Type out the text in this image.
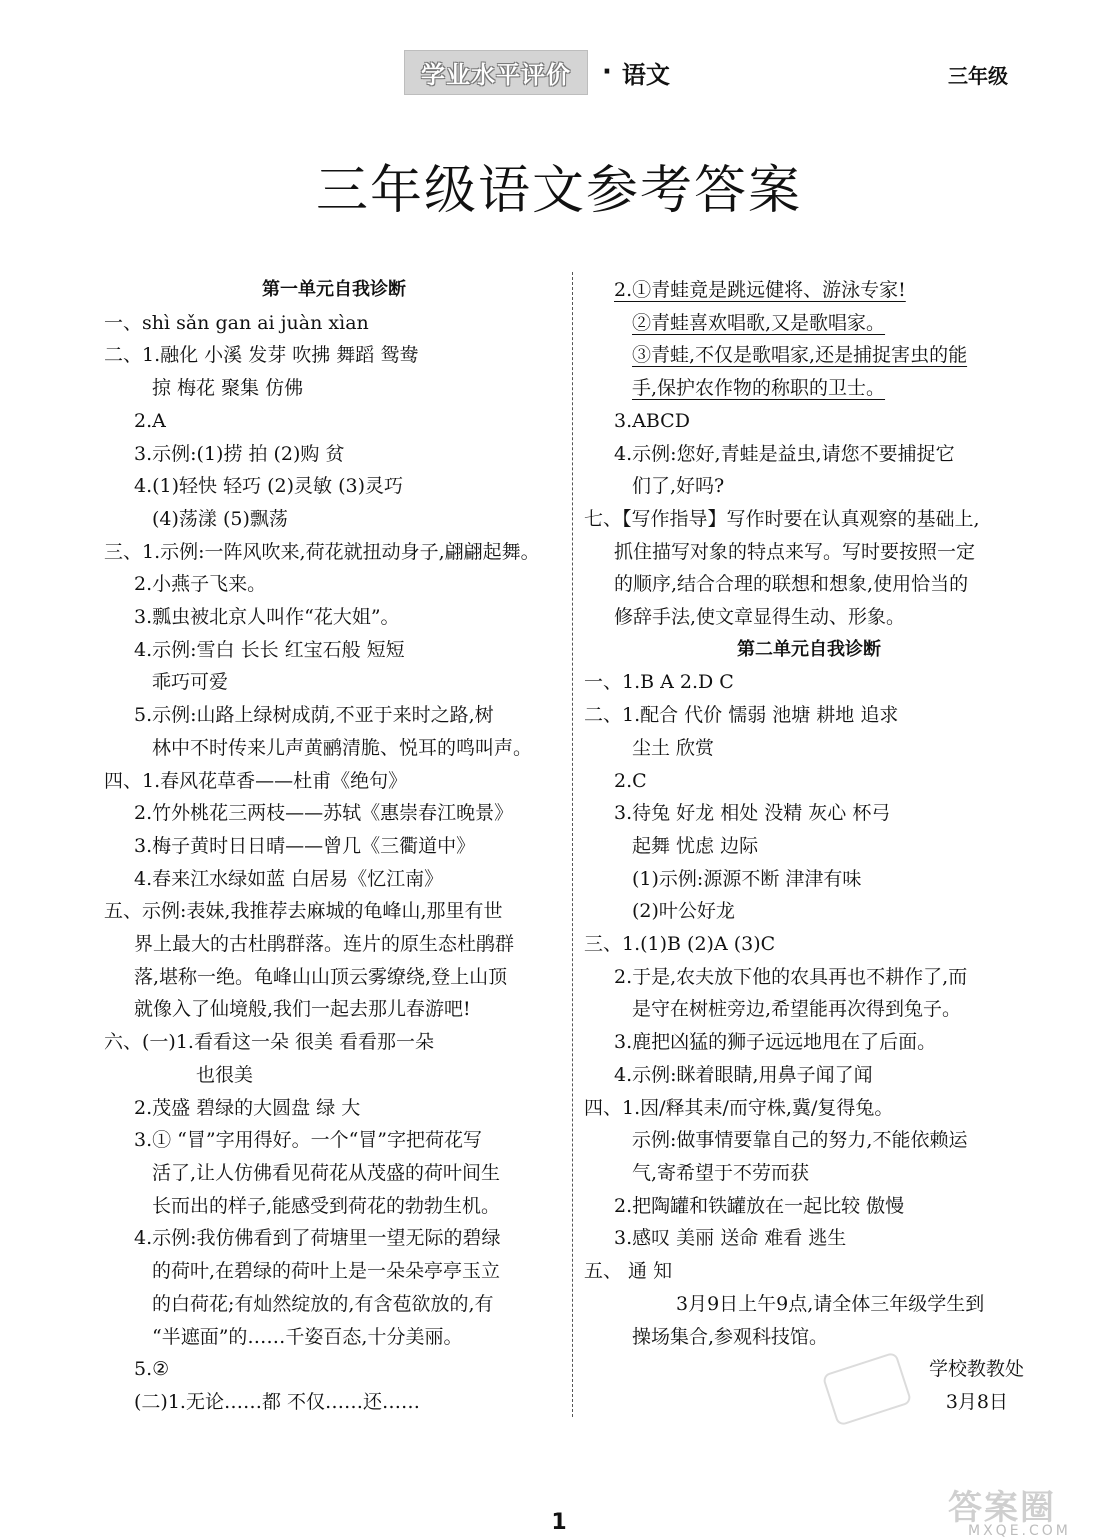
学业水平评价	· 语文	三年级
三年级语文参考答案
第一单元自我诊断
一、shì sǎn gan ai juàn xìan
二、1.融化 小溪 发芽 吹拂 舞蹈 鸳鸯
掠 梅花 聚集 仿佛
2.A
3.示例:(1)捞 拍 (2)购 贫
4.(1)轻快 轻巧 (2)灵敏 (3)灵巧
(4)荡漾 (5)飘荡
三、1.示例:一阵风吹来,荷花就扭动身子,翩翩起舞。
2.小燕子飞来。
3.瓢虫被北京人叫作“花大姐”。
4.示例:雪白 长长 红宝石般 短短
乖巧可爱
5.示例:山路上绿树成荫,不亚于来时之路,树
林中不时传来儿声黄鹂清脆、悦耳的鸣叫声。
四、1.春风花草香——杜甫《绝句》
2.竹外桃花三两枝——苏轼《惠崇春江晚景》
3.梅子黄时日日晴——曾几《三衢道中》
4.春来江水绿如蓝 白居易《忆江南》
五、示例:表妹,我推荐去麻城的龟峰山,那里有世
界上最大的古杜鹃群落。连片的原生态杜鹃群
落,堪称一绝。龟峰山山顶云雾缭绕,登上山顶
就像入了仙境般,我们一起去那儿春游吧!
六、(一)1.看看这一朵 很美 看看那一朵
也很美
2.茂盛 碧绿的大圆盘 绿 大
3.① “冒”字用得好。一个“冒”字把荷花写
活了,让人仿佛看见荷花从茂盛的荷叶间生
长而出的样子,能感受到荷花的勃勃生机。
4.示例:我仿佛看到了荷塘里一望无际的碧绿
的荷叶,在碧绿的荷叶上是一朵朵亭亭玉立
的白荷花;有灿然绽放的,有含苞欲放的,有
“半遮面”的……千姿百态,十分美丽。
5.②
(二)1.无论……都 不仅……还……
2.①青蛙竟是跳远健将、游泳专家!
②青蛙喜欢唱歌,又是歌唱家。
③青蛙,不仅是歌唱家,还是捕捉害虫的能
手,保护农作物的称职的卫士。
3.ABCD
4.示例:您好,青蛙是益虫,请您不要捕捉它
们了,好吗?
七、【写作指导】写作时要在认真观察的基础上,
抓住描写对象的特点来写。写时要按照一定
的顺序,结合合理的联想和想象,使用恰当的
修辞手法,使文章显得生动、形象。
第二单元自我诊断
一、1.B A 2.D C
二、1.配合 代价 懦弱 池塘 耕地 追求
尘土 欣赏
2.C
3.待兔 好龙 相处 没精 灰心 杯弓
起舞 忧虑 边际
(1)示例:源源不断 津津有味
(2)叶公好龙
三、1.(1)B (2)A (3)C
2.于是,农夫放下他的农具再也不耕作了,而
是守在树桩旁边,希望能再次得到兔子。
3.鹿把凶猛的狮子远远地甩在了后面。
4.示例:眯着眼睛,用鼻子闻了闻
四、1.因/释其耒/而守株,冀/复得兔。
示例:做事情要靠自己的努力,不能依赖运
气,寄希望于不劳而获
2.把陶罐和铁罐放在一起比较 傲慢
3.感叹 美丽 送命 难看 逃生
五、 通 知
3月9日上午9点,请全体三年级学生到
操场集合,参观科技馆。
学校教教处
3月8日
1	答案圈
MXQE.COM
